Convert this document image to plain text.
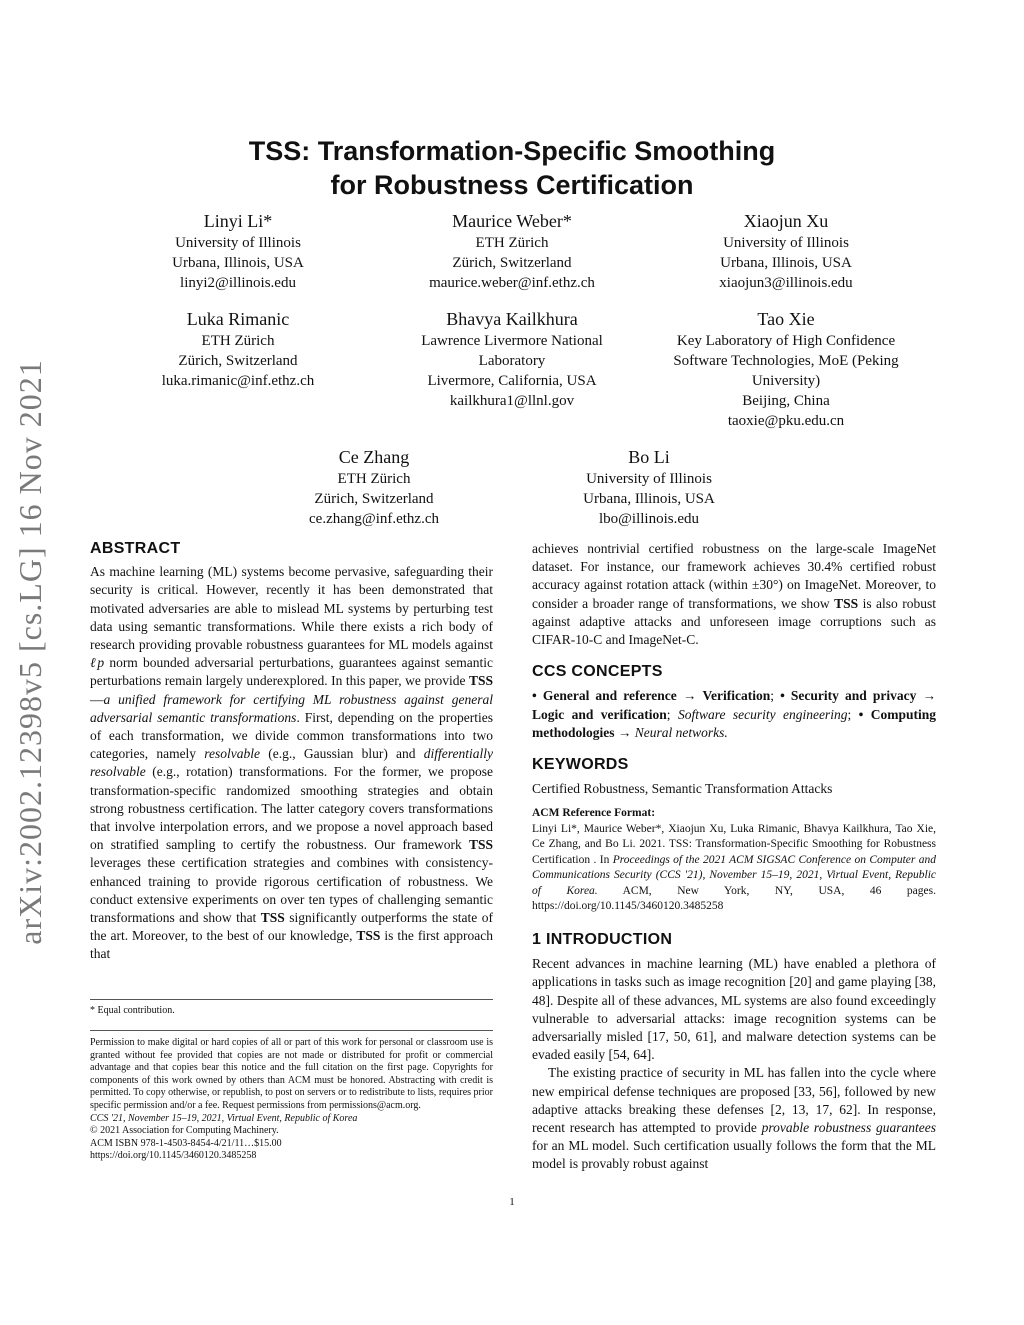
arXiv:2002.12398v5 [cs.LG] 16 Nov 2021
TSS: Transformation-Specific Smoothing
for Robustness Certification
Linyi Li*
University of Illinois
Urbana, Illinois, USA
linyi2@illinois.edu
Maurice Weber*
ETH Zürich
Zürich, Switzerland
maurice.weber@inf.ethz.ch
Xiaojun Xu
University of Illinois
Urbana, Illinois, USA
xiaojun3@illinois.edu
Luka Rimanic
ETH Zürich
Zürich, Switzerland
luka.rimanic@inf.ethz.ch
Bhavya Kailkhura
Lawrence Livermore National
Laboratory
Livermore, California, USA
kailkhura1@llnl.gov
Tao Xie
Key Laboratory of High Confidence
Software Technologies, MoE (Peking
University)
Beijing, China
taoxie@pku.edu.cn
Ce Zhang
ETH Zürich
Zürich, Switzerland
ce.zhang@inf.ethz.ch
Bo Li
University of Illinois
Urbana, Illinois, USA
lbo@illinois.edu
ABSTRACT

As machine learning (ML) systems become pervasive, safeguarding their security is critical. However, recently it has been demonstrated that motivated adversaries are able to mislead ML systems by perturbing test data using semantic transformations. While there exists a rich body of research providing provable robustness guarantees for ML models against ℓp norm bounded adversarial perturbations, guarantees against semantic perturbations remain largely underexplored. In this paper, we provide TSS—a unified framework for certifying ML robustness against general adversarial semantic transformations. First, depending on the properties of each transformation, we divide common transformations into two categories, namely resolvable (e.g., Gaussian blur) and differentially resolvable (e.g., rotation) transformations. For the former, we propose transformation-specific randomized smoothing strategies and obtain strong robustness certification. The latter category covers transformations that involve interpolation errors, and we propose a novel approach based on stratified sampling to certify the robustness. Our framework TSS leverages these certification strategies and combines with consistency-enhanced training to provide rigorous certification of robustness. We conduct extensive experiments on over ten types of challenging semantic transformations and show that TSS significantly outperforms the state of the art. Moreover, to the best of our knowledge, TSS is the first approach that

* Equal contribution.

Permission to make digital or hard copies of all or part of this work for personal or classroom use is granted without fee provided that copies are not made or distributed for profit or commercial advantage and that copies bear this notice and the full citation on the first page. Copyrights for components of this work owned by others than ACM must be honored. Abstracting with credit is permitted. To copy otherwise, or republish, to post on servers or to redistribute to lists, requires prior specific permission and/or a fee. Request permissions from permissions@acm.org.

CCS '21, November 15–19, 2021, Virtual Event, Republic of Korea

© 2021 Association for Computing Machinery.

ACM ISBN 978-1-4503-8454-4/21/11…$15.00

https://doi.org/10.1145/3460120.3485258

achieves nontrivial certified robustness on the large-scale ImageNet dataset. For instance, our framework achieves 30.4% certified robust accuracy against rotation attack (within ±30°) on ImageNet. Moreover, to consider a broader range of transformations, we show TSS is also robust against adaptive attacks and unforeseen image corruptions such as CIFAR-10-C and ImageNet-C.

CCS CONCEPTS

• General and reference → Verification; • Security and privacy → Logic and verification; Software security engineering; • Computing methodologies → Neural networks.

KEYWORDS

Certified Robustness, Semantic Transformation Attacks

ACM Reference Format:

Linyi Li*, Maurice Weber*, Xiaojun Xu, Luka Rimanic, Bhavya Kailkhura, Tao Xie, Ce Zhang, and Bo Li. 2021. TSS: Transformation-Specific Smoothing for Robustness Certification . In Proceedings of the 2021 ACM SIGSAC Conference on Computer and Communications Security (CCS '21), November 15–19, 2021, Virtual Event, Republic of Korea. ACM, New York, NY, USA, 46 pages. https://doi.org/10.1145/3460120.3485258

1 INTRODUCTION

Recent advances in machine learning (ML) have enabled a plethora of applications in tasks such as image recognition [20] and game playing [38, 48]. Despite all of these advances, ML systems are also found exceedingly vulnerable to adversarial attacks: image recognition systems can be adversarially misled [17, 50, 61], and malware detection systems can be evaded easily [54, 64].

The existing practice of security in ML has fallen into the cycle where new empirical defense techniques are proposed [33, 56], followed by new adaptive attacks breaking these defenses [2, 13, 17, 62]. In response, recent research has attempted to provide provable robustness guarantees for an ML model. Such certification usually follows the form that the ML model is provably robust against

1
